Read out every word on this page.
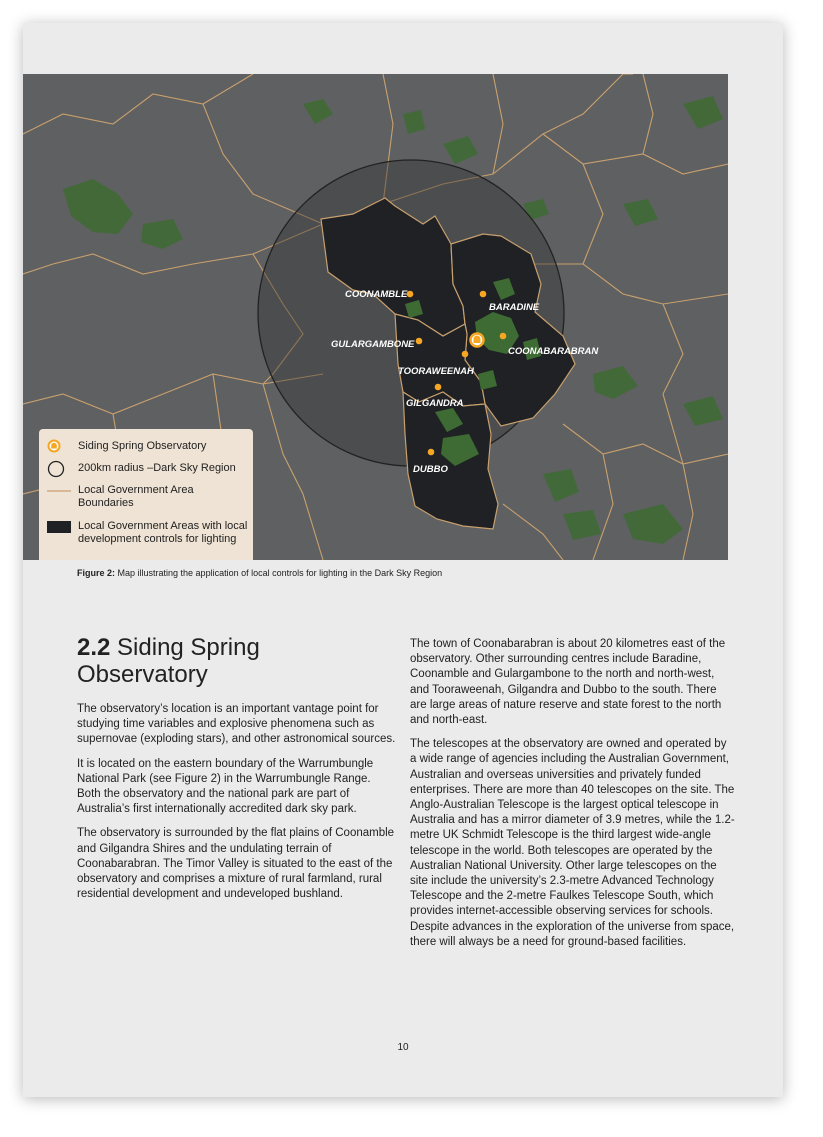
COONAMBLE
BARADINE
GULARGAMBONE
COONABARABRAN
TOORAWEENAH
GILGANDRA
DUBBO
Siding Spring Observatory
200km radius –Dark Sky Region
Local Government Area Boundaries
Local Government Areas with local development controls for lighting
Figure 2: Map illustrating the application of local controls for lighting in the Dark Sky Region
2.2 Siding Spring Observatory

The observatory’s location is an important vantage point for studying time variables and explosive phenomena such as supernovae (exploding stars), and other astronomical sources.

It is located on the eastern boundary of the Warrumbungle National Park (see Figure 2) in the Warrumbungle Range. Both the observatory and the national park are part of Australia’s first internationally accredited dark sky park.

The observatory is surrounded by the flat plains of Coonamble and Gilgandra Shires and the undulating terrain of Coonabarabran. The Timor Valley is situated to the east of the observatory and comprises a mixture of rural farmland, rural residential development and undeveloped bushland.

The town of Coonabarabran is about 20 kilometres east of the observatory. Other surrounding centres include Baradine, Coonamble and Gulargambone to the north and north-west, and Tooraweenah, Gilgandra and Dubbo to the south. There are large areas of nature reserve and state forest to the north and north-east.

The telescopes at the observatory are owned and operated by a wide range of agencies including the Australian Government, Australian and overseas universities and privately funded enterprises. There are more than 40 telescopes on the site. The Anglo-Australian Telescope is the largest optical telescope in Australia and has a mirror diameter of 3.9 metres, while the 1.2-metre UK Schmidt Telescope is the third largest wide-angle telescope in the world. Both telescopes are operated by the Australian National University. Other large telescopes on the site include the university’s 2.3-metre Advanced Technology Telescope and the 2-metre Faulkes Telescope South, which provides internet-accessible observing services for schools. Despite advances in the exploration of the universe from space, there will always be a need for ground-based facilities.

10
